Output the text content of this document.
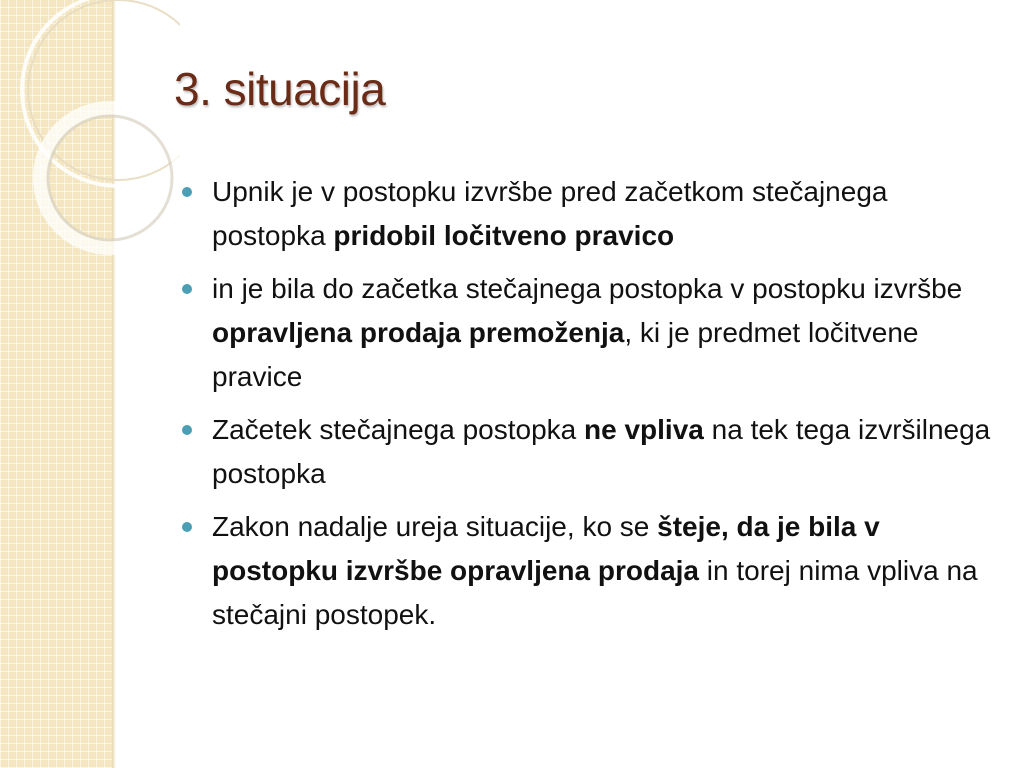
3. situacija
Upnik je v postopku izvršbe pred začetkom stečajnega postopka pridobil ločitveno pravico
in je bila do začetka stečajnega postopka v postopku izvršbe opravljena prodaja premoženja, ki je predmet ločitvene pravice
Začetek stečajnega postopka ne vpliva na tek tega izvršilnega postopka
Zakon nadalje ureja situacije, ko se šteje, da je bila v postopku izvršbe opravljena prodaja in torej nima vpliva na stečajni postopek.
